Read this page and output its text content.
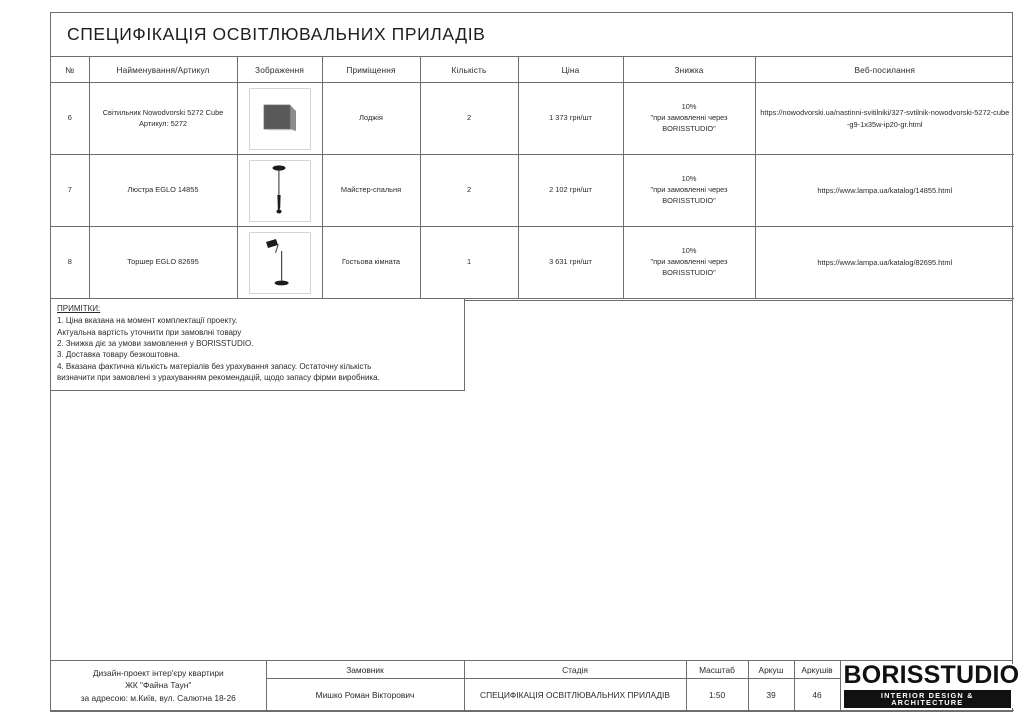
СПЕЦИФІКАЦІЯ ОСВІТЛЮВАЛЬНИХ ПРИЛАДІВ
№	Найменування/Артикул	Зображення	Приміщення	Кількість	Ціна	Знижка	Веб-посилання
6	Світильник Nowodvorski 5272 Cube
Артикул: 5272		Лоджія	2	1 373 грн/шт	10%
"при замовленні через BORISSTUDIO"	https://nowodvorski.ua/nastinni-svitilniki/327-svtilnik-nowodvorski-5272-cube-g9-1x35w-ip20-gr.html

7	Люстра EGLO 14855		Майстер-спальня	2	2 102 грн/шт	10%
"при замовленні через BORISSTUDIO"	https://www.lampa.ua/katalog/14855.html

8	Торшер EGLO 82695		Гостьова кімната	1	3 631 грн/шт	10%
"при замовленні через BORISSTUDIO"	https://www.lampa.ua/katalog/82695.html
ПРИМІТКИ:
1. Ціна вказана на момент комплектації проекту.
Актуальна вартість уточнити при замовлні товару
2. Знижка діє за умови замовлення у BORISSTUDIO.
3. Доставка товару безкоштовна.
4. Вказана фактична кількість матеріалів без урахування запасу. Остаточну кількість
визначити при замовлені з урахуванням рекомендацій, щодо запасу фірми виробника.
Дизайн-проект інтер'єру квартири
ЖК "Файна Таун"
за адресою: м.Київ, вул. Салютна 18-26
	Замовник	Стадія	Масштаб	Аркуш	Аркушів	BORISSTUDIO
INTERIOR DESIGN & ARCHITECTURE

	Мишко Роман Вікторович	СПЕЦИФІКАЦІЯ ОСВІТЛЮВАЛЬНИХ ПРИЛАДІВ	1:50	39	46	
